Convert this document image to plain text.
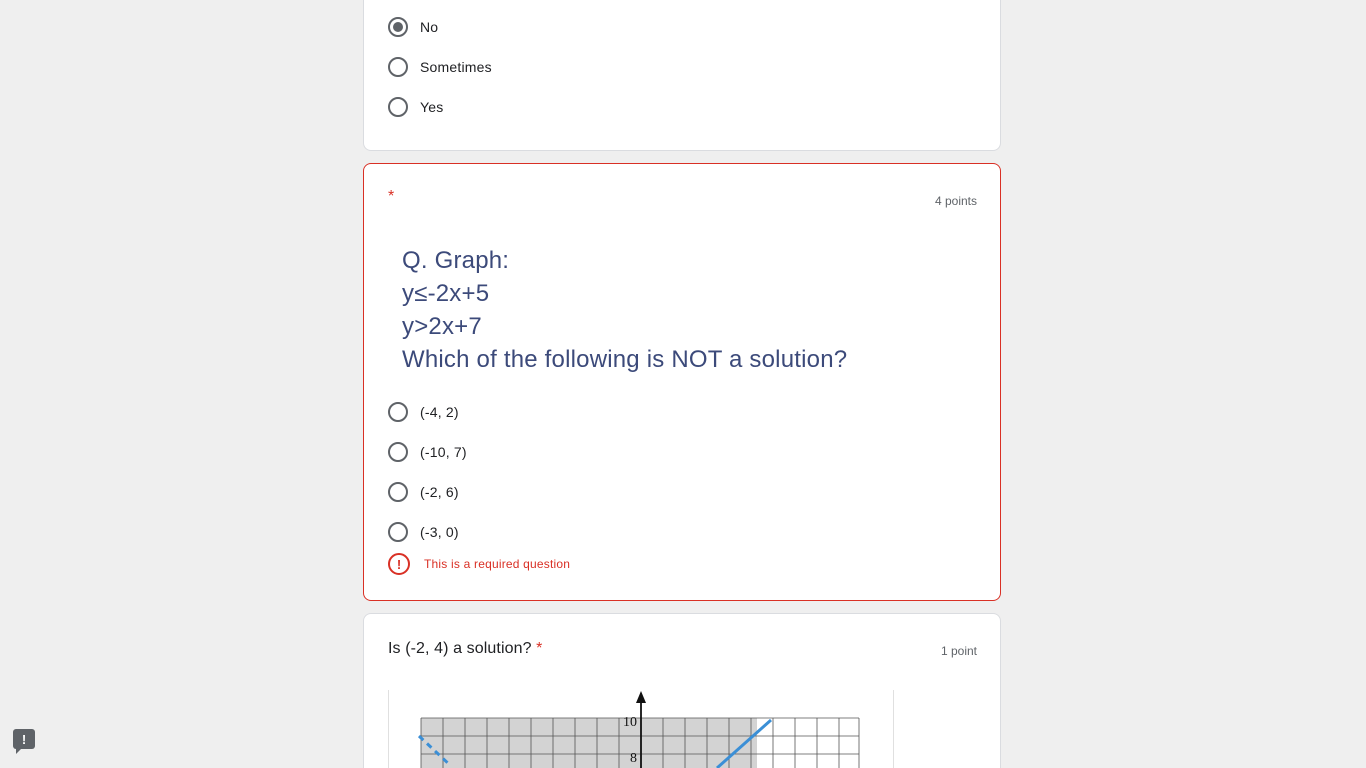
No
Sometimes
Yes
*	4 points
Q. Graph:
y≤-2x+5
y>2x+7
Which of the following is NOT a solution?
(-4, 2)
(-10, 7)
(-2, 6)
(-3, 0)
!	This is a required question
Is (-2, 4) a solution? *	1 point
10
8
!
